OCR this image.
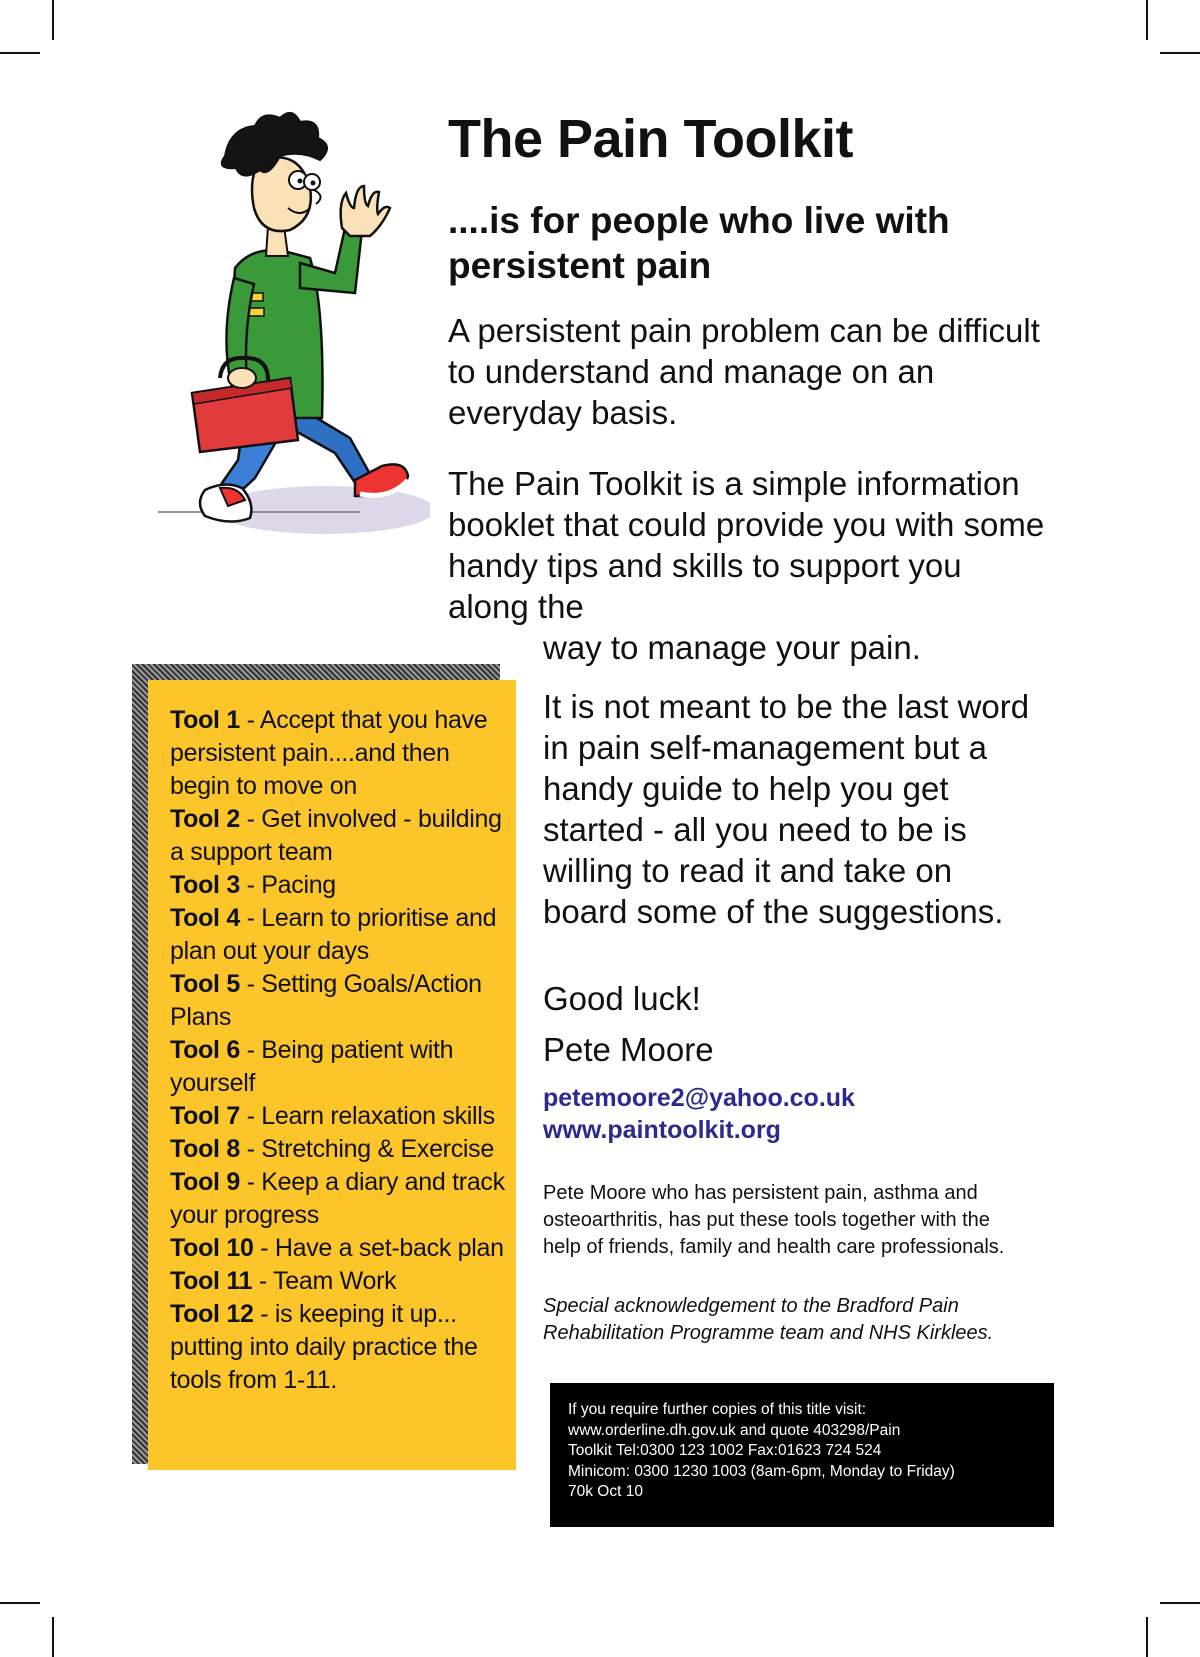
The Pain Toolkit
....is for people who live with persistent pain

A persistent pain problem can be difficult to understand and manage on an everyday basis.

The Pain Toolkit is a simple information booklet that could provide you with some handy tips and skills to support you along the
way to manage your pain.

It is not meant to be the last word in pain self-management but a handy guide to help you get started - all you need to be is willing to read it and take on board some of the suggestions.

Good luck!

Pete Moore

petemoore2@yahoo.co.uk
www.paintoolkit.org

Pete Moore who has persistent pain, asthma and osteoarthritis, has put these tools together with the help of friends, family and health care professionals.

Special acknowledgement to the Bradford Pain Rehabilitation Programme team and NHS Kirklees.

If you require further copies of this title visit:
www.orderline.dh.gov.uk and quote 403298/Pain
Toolkit Tel:0300 123 1002 Fax:01623 724 524
Minicom: 0300 1230 1003 (8am-6pm, Monday to Friday)
70k Oct 10
Tool 1 - Accept that you have persistent pain....and then begin to move on
Tool 2 - Get involved - building a support team
Tool 3 - Pacing
Tool 4 - Learn to prioritise and plan out your days
Tool 5 - Setting Goals/Action Plans
Tool 6 - Being patient with yourself
Tool 7 - Learn relaxation skills
Tool 8 - Stretching & Exercise
Tool 9 - Keep a diary and track your progress
Tool 10 - Have a set-back plan
Tool 11 - Team Work
Tool 12 - is keeping it up... putting into daily practice the tools from 1-11.
